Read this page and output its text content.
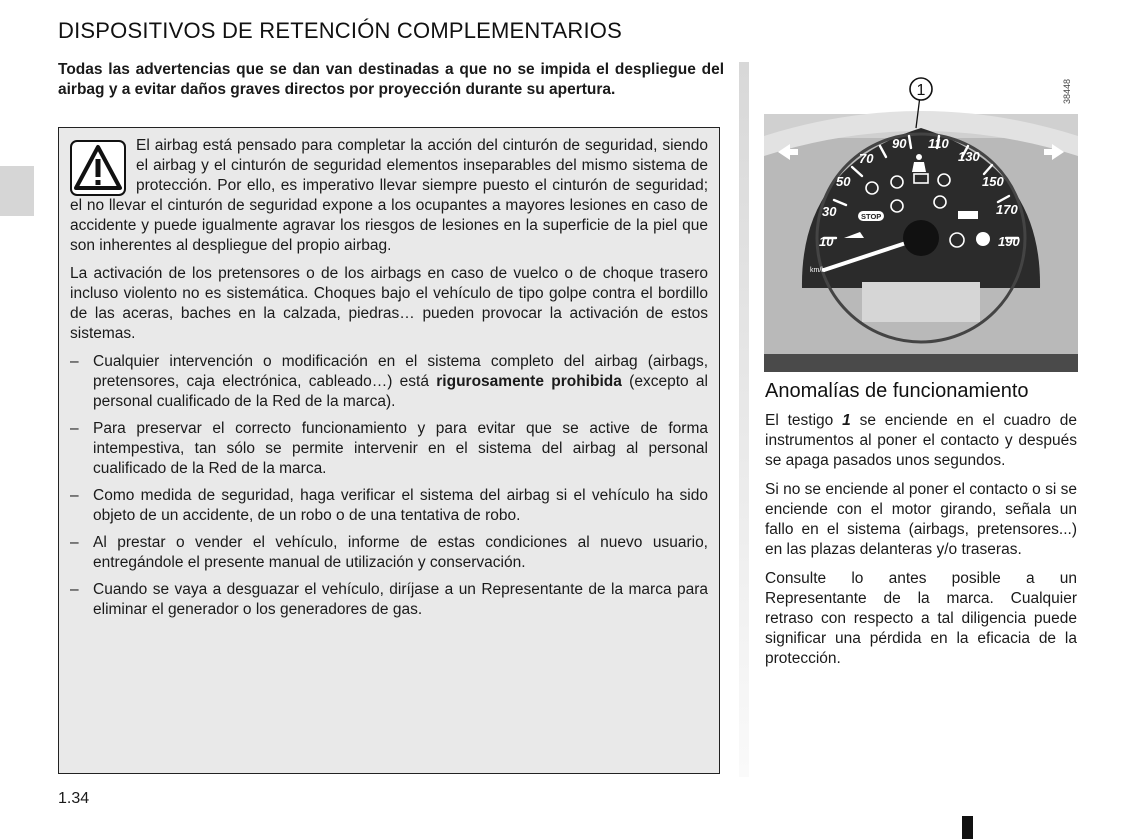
DISPOSITIVOS DE RETENCIÓN COMPLEMENTARIOS

Todas las advertencias que se dan van destinadas a que no se impida el despliegue del airbag y a evitar daños graves directos por proyección durante su apertura.

El airbag está pensado para completar la acción del cinturón de seguridad, siendo el airbag y el cinturón de seguridad elementos inseparables del mismo sistema de protección. Por ello, es imperativo llevar siempre puesto el cinturón de seguridad; el no llevar el cinturón de seguridad expone a los ocupantes a mayores lesiones en caso de accidente y puede igualmente agravar los riesgos de lesiones en la superficie de la piel que son inherentes al despliegue del propio airbag.

La activación de los pretensores o de los airbags en caso de vuelco o de choque trasero incluso violento no es sistemática. Choques bajo el vehículo de tipo golpe contra el bordillo de las aceras, baches en la calzada, piedras… pueden provocar la activación de estos sistemas.

– Cualquier intervención o modificación en el sistema completo del airbag (airbags, pretensores, caja electrónica, cableado…) está rigurosamente prohibida (excepto al personal cualificado de la Red de la marca).
– Para preservar el correcto funcionamiento y para evitar que se active de forma intempestiva, tan sólo se permite intervenir en el sistema del airbag al personal cualificado de la Red de la marca.
– Como medida de seguridad, haga verificar el sistema del airbag si el vehículo ha sido objeto de un accidente, de un robo o de una tentativa de robo.
– Al prestar o vender el vehículo, informe de estas condiciones al nuevo usuario, entregándole el presente manual de utilización y conservación.
– Cuando se vaya a desguazar el vehículo, diríjase a un Representante de la marca para eliminar el generador o los generadores de gas.
10
30
50
70
90 110
130
150
170
190
STOP
km/h
1	38448
Anomalías de funcionamiento

El testigo 1 se enciende en el cuadro de instrumentos al poner el contacto y después se apaga pasados unos segundos.

Si no se enciende al poner el contacto o si se enciende con el motor girando, señala un fallo en el sistema (airbags, pretensores...) en las plazas delanteras y/o traseras.

Consulte lo antes posible a un Representante de la marca. Cualquier retraso con respecto a tal diligencia puede significar una pérdida en la eficacia de la protección.

1.34
